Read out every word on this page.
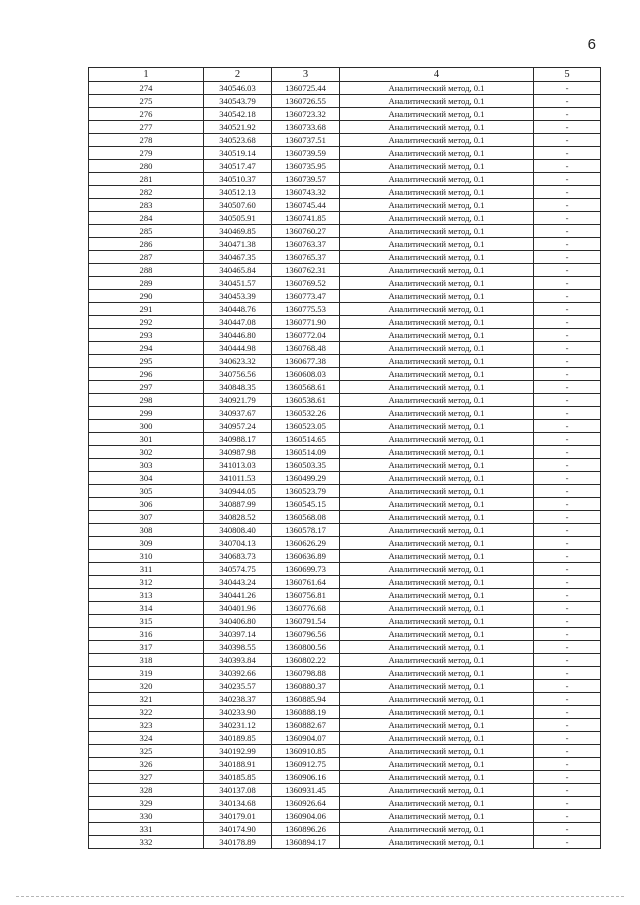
6
1	2	3	4	5
274	340546.03	1360725.44	Аналитический метод, 0.1	-
275	340543.79	1360726.55	Аналитический метод, 0.1	-
276	340542.18	1360723.32	Аналитический метод, 0.1	-
277	340521.92	1360733.68	Аналитический метод, 0.1	-
278	340523.68	1360737.51	Аналитический метод, 0.1	-
279	340519.14	1360739.59	Аналитический метод, 0.1	-
280	340517.47	1360735.95	Аналитический метод, 0.1	-
281	340510.37	1360739.57	Аналитический метод, 0.1	-
282	340512.13	1360743.32	Аналитический метод, 0.1	-
283	340507.60	1360745.44	Аналитический метод, 0.1	-
284	340505.91	1360741.85	Аналитический метод, 0.1	-
285	340469.85	1360760.27	Аналитический метод, 0.1	-
286	340471.38	1360763.37	Аналитический метод, 0.1	-
287	340467.35	1360765.37	Аналитический метод, 0.1	-
288	340465.84	1360762.31	Аналитический метод, 0.1	-
289	340451.57	1360769.52	Аналитический метод, 0.1	-
290	340453.39	1360773.47	Аналитический метод, 0.1	-
291	340448.76	1360775.53	Аналитический метод, 0.1	-
292	340447.08	1360771.90	Аналитический метод, 0.1	-
293	340446.80	1360772.04	Аналитический метод, 0.1	-
294	340444.98	1360768.48	Аналитический метод, 0.1	-
295	340623.32	1360677.38	Аналитический метод, 0.1	-
296	340756.56	1360608.03	Аналитический метод, 0.1	-
297	340848.35	1360568.61	Аналитический метод, 0.1	-
298	340921.79	1360538.61	Аналитический метод, 0.1	-
299	340937.67	1360532.26	Аналитический метод, 0.1	-
300	340957.24	1360523.05	Аналитический метод, 0.1	-
301	340988.17	1360514.65	Аналитический метод, 0.1	-
302	340987.98	1360514.09	Аналитический метод, 0.1	-
303	341013.03	1360503.35	Аналитический метод, 0.1	-
304	341011.53	1360499.29	Аналитический метод, 0.1	-
305	340944.05	1360523.79	Аналитический метод, 0.1	-
306	340887.99	1360545.15	Аналитический метод, 0.1	-
307	340828.52	1360568.08	Аналитический метод, 0.1	-
308	340808.40	1360578.17	Аналитический метод, 0.1	-
309	340704.13	1360626.29	Аналитический метод, 0.1	-
310	340683.73	1360636.89	Аналитический метод, 0.1	-
311	340574.75	1360699.73	Аналитический метод, 0.1	-
312	340443.24	1360761.64	Аналитический метод, 0.1	-
313	340441.26	1360756.81	Аналитический метод, 0.1	-
314	340401.96	1360776.68	Аналитический метод, 0.1	-
315	340406.80	1360791.54	Аналитический метод, 0.1	-
316	340397.14	1360796.56	Аналитический метод, 0.1	-
317	340398.55	1360800.56	Аналитический метод, 0.1	-
318	340393.84	1360802.22	Аналитический метод, 0.1	-
319	340392.66	1360798.88	Аналитический метод, 0.1	-
320	340235.57	1360880.37	Аналитический метод, 0.1	-
321	340238.37	1360885.94	Аналитический метод, 0.1	-
322	340233.90	1360888.19	Аналитический метод, 0.1	-
323	340231.12	1360882.67	Аналитический метод, 0.1	-
324	340189.85	1360904.07	Аналитический метод, 0.1	-
325	340192.99	1360910.85	Аналитический метод, 0.1	-
326	340188.91	1360912.75	Аналитический метод, 0.1	-
327	340185.85	1360906.16	Аналитический метод, 0.1	-
328	340137.08	1360931.45	Аналитический метод, 0.1	-
329	340134.68	1360926.64	Аналитический метод, 0.1	-
330	340179.01	1360904.06	Аналитический метод, 0.1	-
331	340174.90	1360896.26	Аналитический метод, 0.1	-
332	340178.89	1360894.17	Аналитический метод, 0.1	-
